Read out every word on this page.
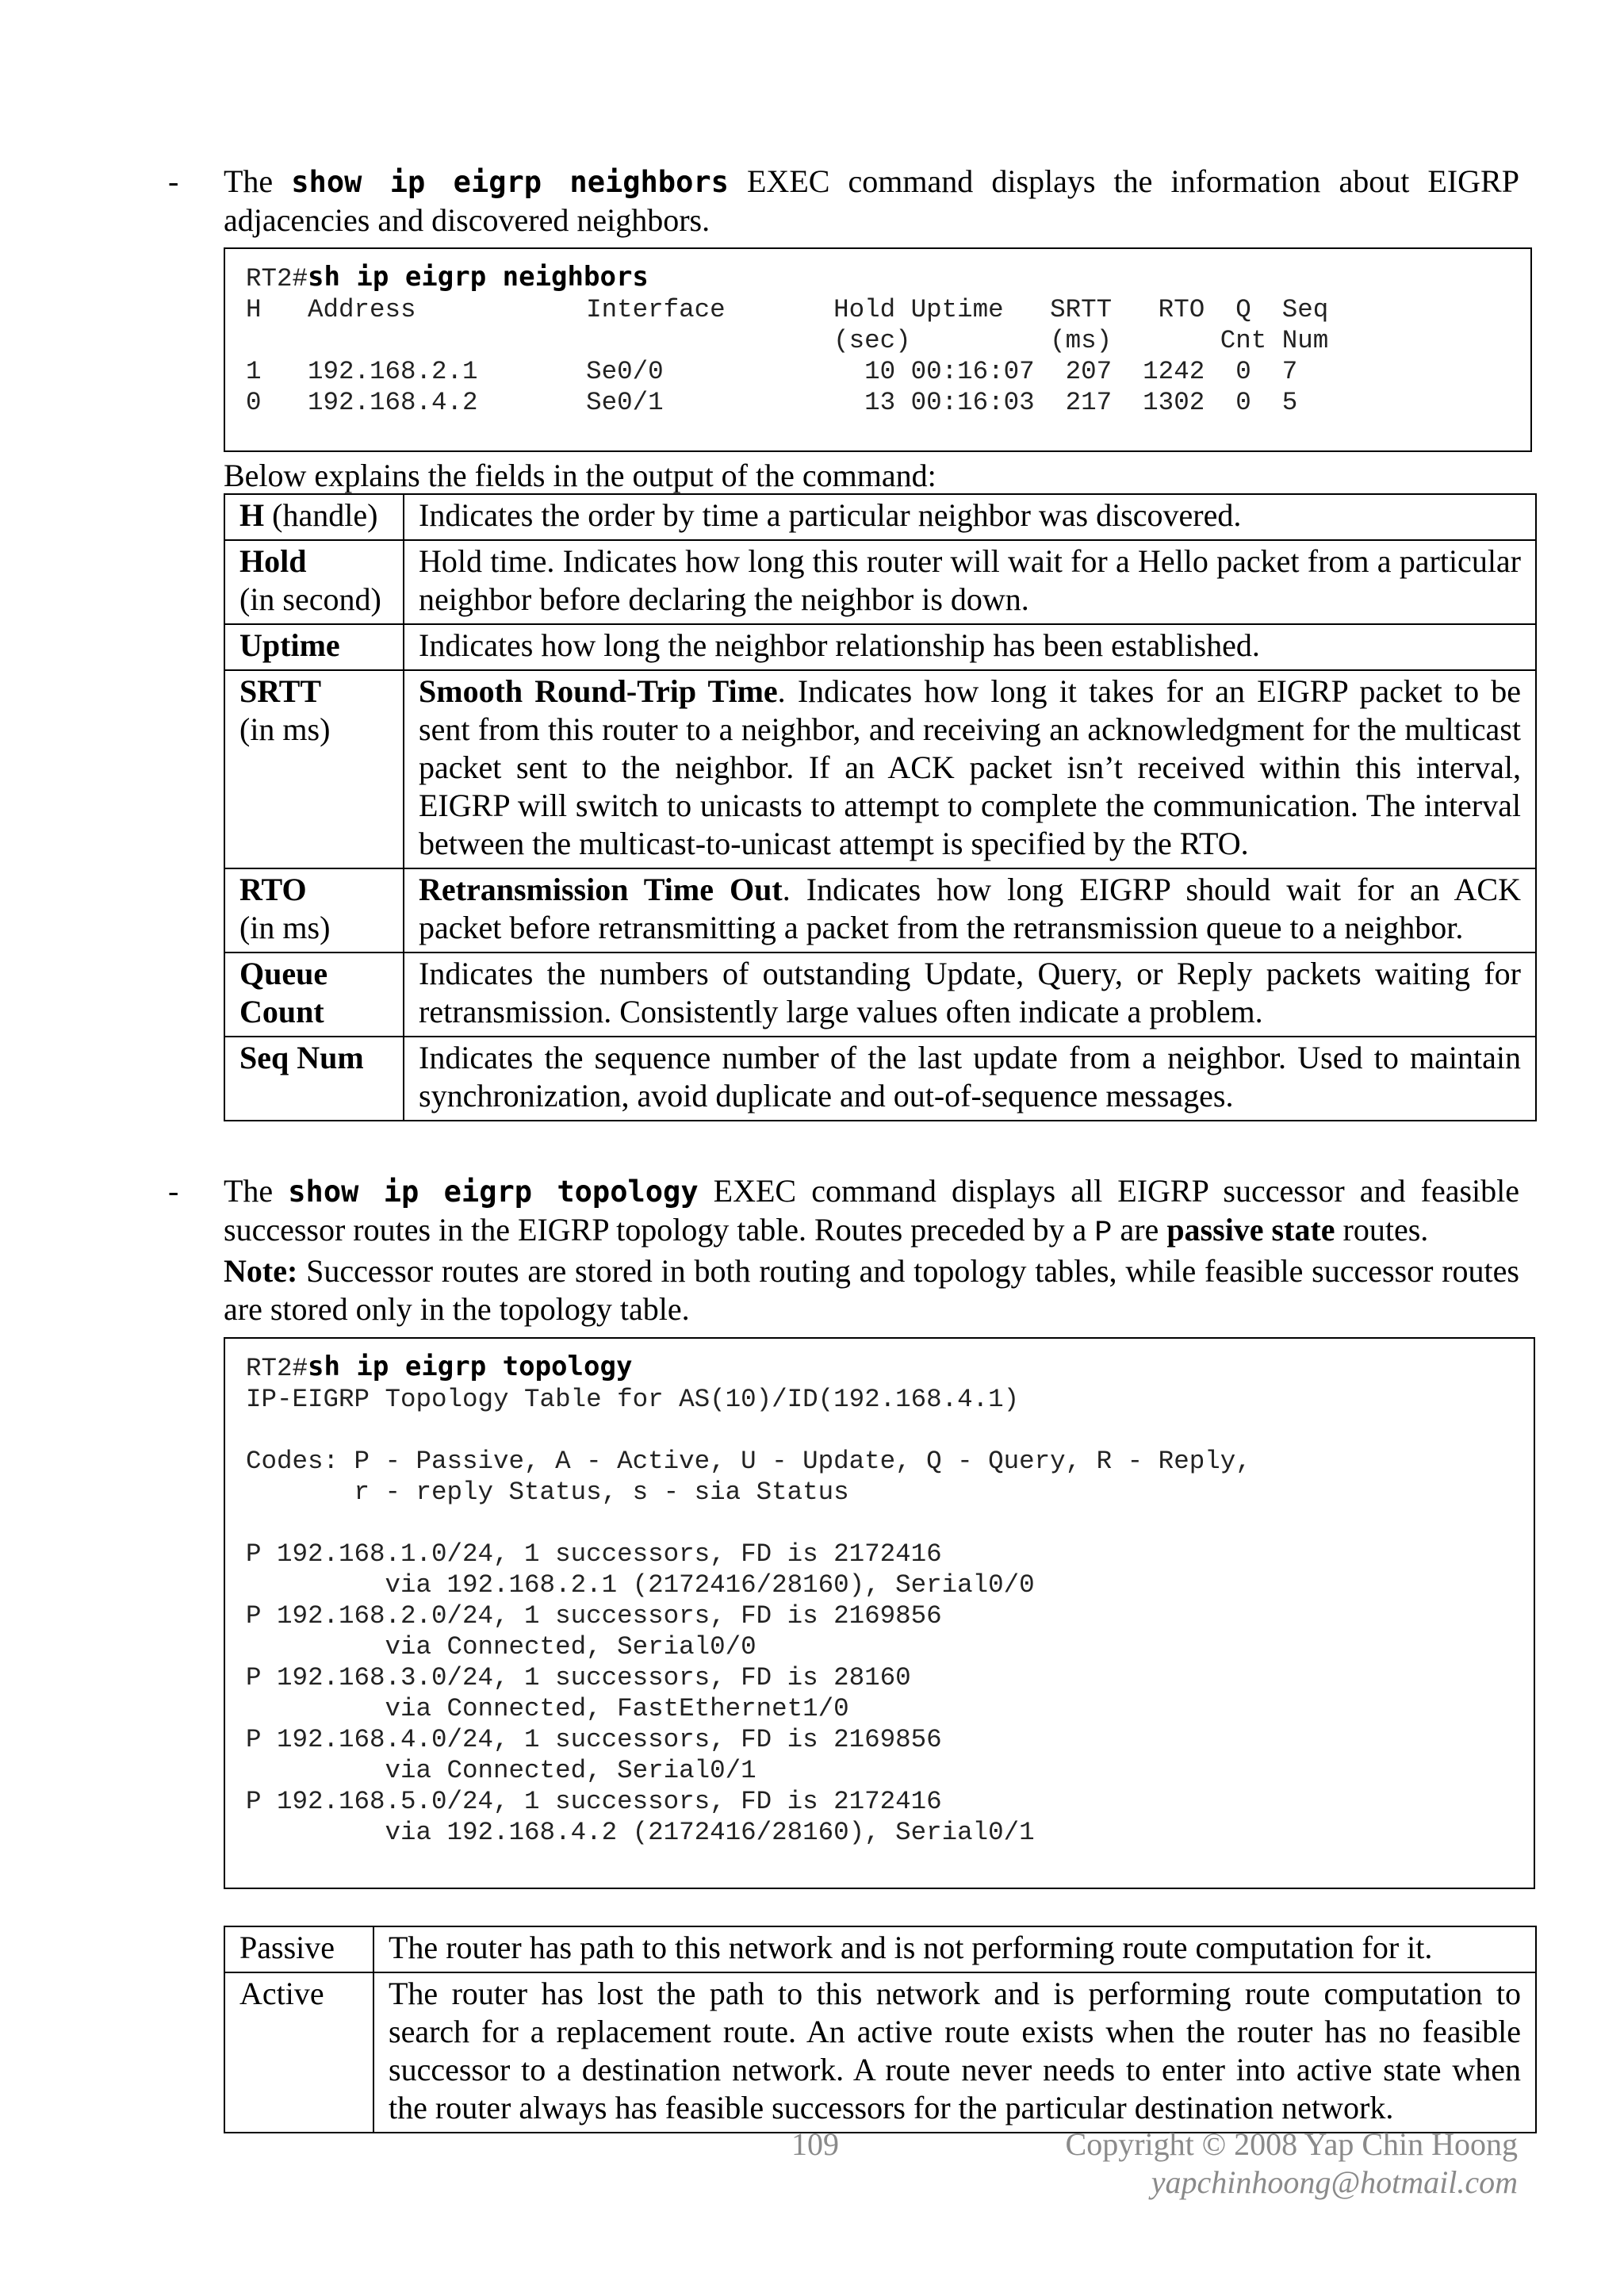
- The show ip eigrp neighbors EXEC command displays the information about EIGRP adjacencies and discovered neighbors.

RT2#sh ip eigrp neighbors
H   Address           Interface       Hold Uptime   SRTT   RTO  Q  Seq
(sec)         (ms)       Cnt Num
1   192.168.2.1       Se0/0             10 00:16:07  207  1242  0  7
0   192.168.4.2       Se0/1             13 00:16:03  217  1302  0  5
Below explains the fields in the output of the command:
H (handle)	Indicates the order by time a particular neighbor was discovered.
Hold
(in second)	Hold time. Indicates how long this router will wait for a Hello packet from a particular neighbor before declaring the neighbor is down.
Uptime	Indicates how long the neighbor relationship has been established.
SRTT
(in ms)	Smooth Round-Trip Time. Indicates how long it takes for an EIGRP packet to be sent from this router to a neighbor, and receiving an acknowledgment for the multicast packet sent to the neighbor. If an ACK packet isn’t received within this interval, EIGRP will switch to unicasts to attempt to complete the communication. The interval between the multicast-to-unicast attempt is specified by the RTO.
RTO
(in ms)	Retransmission Time Out. Indicates how long EIGRP should wait for an ACK packet before retransmitting a packet from the retransmission queue to a neighbor.
Queue Count	Indicates the numbers of outstanding Update, Query, or Reply packets waiting for retransmission. Consistently large values often indicate a problem.
Seq Num	Indicates the sequence number of the last update from a neighbor. Used to maintain synchronization, avoid duplicate and out-of-sequence messages.
- The show ip eigrp topology EXEC command displays all EIGRP successor and feasible successor routes in the EIGRP topology table. Routes preceded by a P are passive state routes.

Note: Successor routes are stored in both routing and topology tables, while feasible successor routes are stored only in the topology table.

RT2#sh ip eigrp topology
IP-EIGRP Topology Table for AS(10)/ID(192.168.4.1)

Codes: P - Passive, A - Active, U - Update, Q - Query, R - Reply,
r - reply Status, s - sia Status

P 192.168.1.0/24, 1 successors, FD is 2172416
via 192.168.2.1 (2172416/28160), Serial0/0
P 192.168.2.0/24, 1 successors, FD is 2169856
via Connected, Serial0/0
P 192.168.3.0/24, 1 successors, FD is 28160
via Connected, FastEthernet1/0
P 192.168.4.0/24, 1 successors, FD is 2169856
via Connected, Serial0/1
P 192.168.5.0/24, 1 successors, FD is 2172416
via 192.168.4.2 (2172416/28160), Serial0/1
Passive	The router has path to this network and is not performing route computation for it.
Active	The router has lost the path to this network and is performing route computation to search for a replacement route. An active route exists when the router has no feasible successor to a destination network. A route never needs to enter into active state when the router always has feasible successors for the particular destination network.
109	Copyright © 2008 Yap Chin Hoong
yapchinhoong@hotmail.com
